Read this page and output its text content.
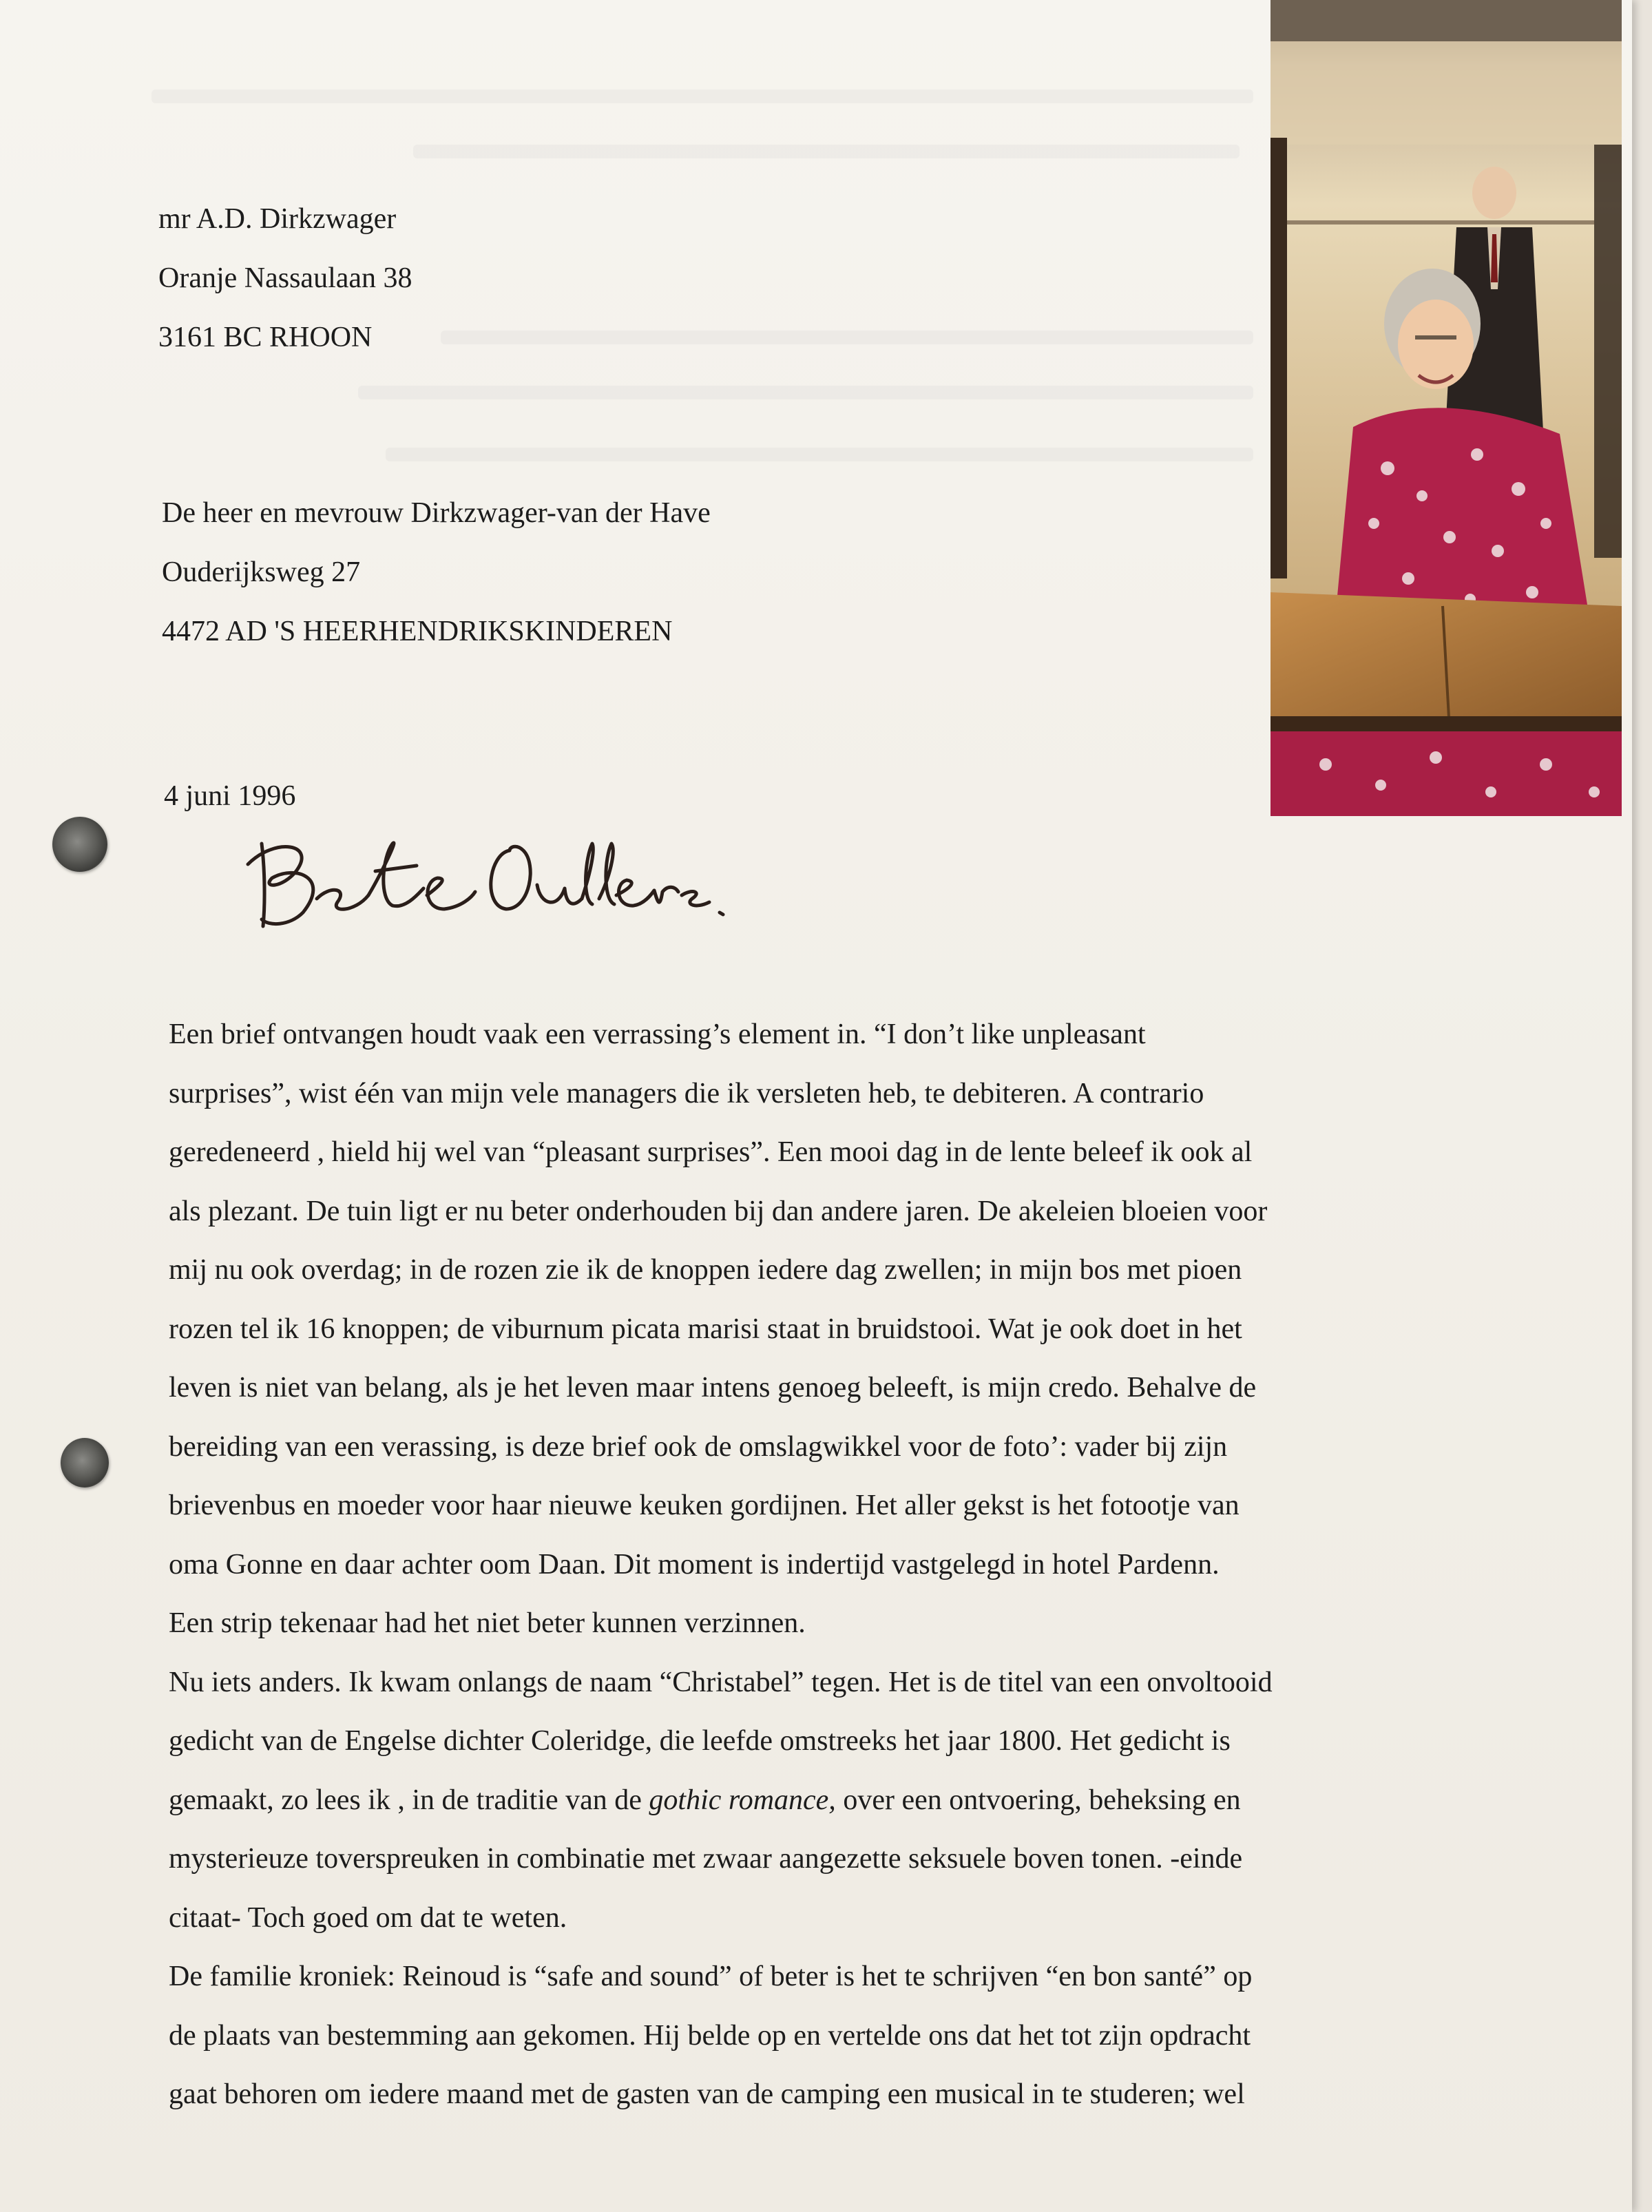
mr A.D. Dirkzwager
Oranje Nassaulaan 38
3161 BC RHOON
De heer en mevrouw Dirkzwager-van der Have
Ouderijksweg 27
4472 AD 'S HEERHENDRIKSKINDEREN
4 juni 1996
Een brief ontvangen houdt vaak een verrassing’s element in. “I don’t like unpleasant
surprises”, wist één van mijn vele managers die ik versleten heb, te debiteren. A contrario
geredeneerd , hield hij wel van “pleasant surprises”. Een mooi dag in de lente beleef ik ook al
als plezant. De tuin ligt er nu beter onderhouden bij dan andere jaren. De akeleien bloeien voor
mij nu ook overdag; in de rozen zie ik de knoppen iedere dag zwellen; in mijn bos met pioen
rozen tel ik 16 knoppen; de viburnum picata marisi staat in bruidstooi. Wat je ook doet in het
leven is niet van belang, als je het leven maar intens genoeg beleeft, is mijn credo. Behalve de
bereiding van een verassing, is deze brief ook de omslagwikkel voor de foto’: vader bij zijn
brievenbus en moeder voor haar nieuwe keuken gordijnen. Het aller gekst is het fotootje van
oma Gonne en daar achter oom Daan. Dit moment is indertijd vastgelegd in hotel Pardenn.
Een strip tekenaar had het niet beter kunnen verzinnen.
Nu iets anders. Ik kwam onlangs de naam “Christabel” tegen. Het is de titel van een onvoltooid
gedicht van de Engelse dichter Coleridge, die leefde omstreeks het jaar 1800. Het gedicht is
gemaakt, zo lees ik , in de traditie van de gothic romance, over een ontvoering, beheksing en
mysterieuze toverspreuken in combinatie met zwaar aangezette seksuele boven tonen. -einde
citaat- Toch goed om dat te weten.
De familie kroniek: Reinoud is “safe and sound” of beter is het te schrijven “en bon santé” op
de plaats van bestemming aan gekomen. Hij belde op en vertelde ons dat het tot zijn opdracht
gaat behoren om iedere maand met de gasten van de camping een musical in te studeren; wel
